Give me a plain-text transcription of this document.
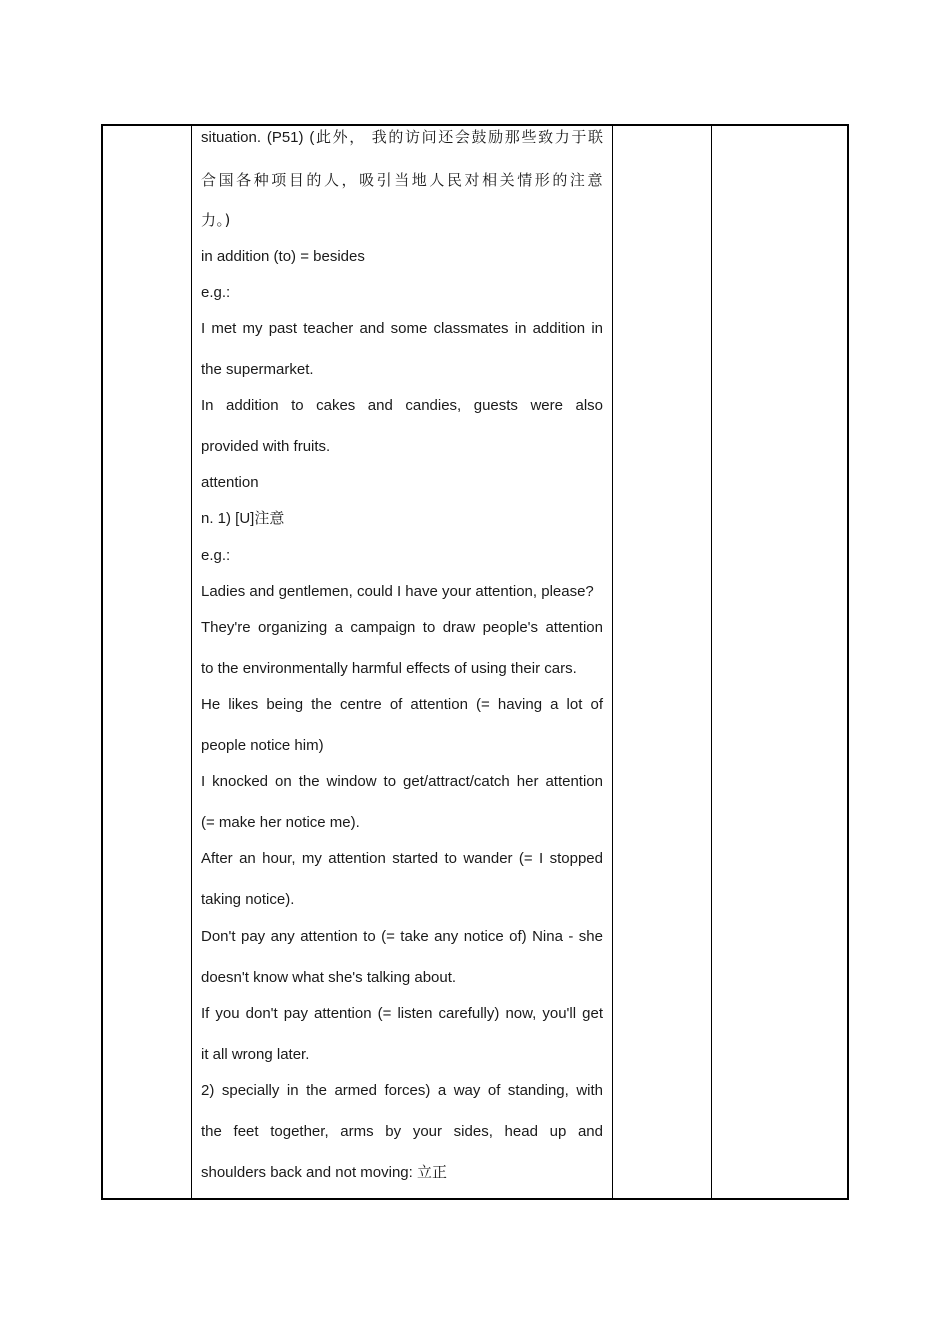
situation. (P51) (此外， 我的访问还会鼓励那些致力于联
合国各种项目的人，吸引当地人民对相关情形的注意
力。)
in addition (to) = besides
e.g.:
I met my past teacher and some classmates in addition in
the supermarket.
In addition to cakes and candies, guests were also
provided with fruits.
attention
n. 1) [U]注意
e.g.:
Ladies and gentlemen, could I have your attention, please?
They're organizing a campaign to draw people's attention
to the environmentally harmful effects of using their cars.
He likes being the centre of attention (= having a lot of
people notice him)
I knocked on the window to get/attract/catch her attention
(= make her notice me).
After an hour, my attention started to wander (= I stopped
taking notice).
Don't pay any attention to (= take any notice of) Nina - she
doesn't know what she's talking about.
If you don't pay attention (= listen carefully) now, you'll get
it all wrong later.
2) specially in the armed forces) a way of standing, with
the feet together, arms by your sides, head up and
shoulders back and not moving: 立正
